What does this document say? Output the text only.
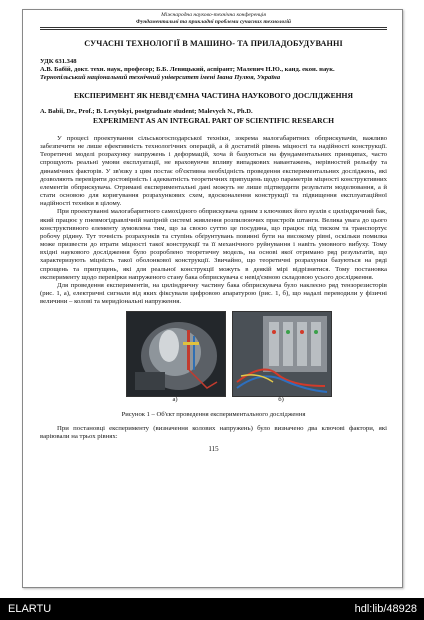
Міжнародна науково-технічна конференція
Фундаментальні та прикладні проблеми сучасних технологій
СУЧАСНІ ТЕХНОЛОГІЇ В МАШИНО- ТА ПРИЛАДОБУДУВАННІ
УДК 631.348
А.В. Бабій, докт. техн. наук, професор; Б.Б. Левицький, аспірант; Малевич Н.Ю., канд. екон. наук.
Тернопільський національний технічний університет імені Івана Пулюя, Україна
ЕКСПЕРИМЕНТ ЯК НЕВІД'ЄМНА ЧАСТИНА НАУКОВОГО ДОСЛІДЖЕННЯ
A. Babii, Dr., Prof.; B. Levytskyi, postgraduate student; Malevych N., Ph.D.
EXPERIMENT AS AN INTEGRAL PART OF SCIENTIFIC RESEARCH

У процесі проектування сільськогосподарської техніки, зокрема малогабаритних обприскувачів, важливо забезпечити не лише ефективність технологічних операцій, а й достатній рівень міцності та надійності конструкції. Теоретичні моделі розрахунку напружень і деформацій, хоча й базуються на фундаментальних принципах, часто спрощують реальні умови експлуатації, не враховуючи впливу випадкових навантажень, нерівностей рельєфу та динамічних факторів. У зв'язку з цим постає об'єктивна необхідність проведення експериментальних досліджень, які дозволяють перевірити достовірність і адекватність теоретичних припущень щодо параметрів міцності конструктивних елементів обприскувача. Отримані експериментальні дані можуть не лише підтвердити результати моделювання, а й стати основою для коригування розрахункових схем, вдосконалення конструкції та підвищення експлуатаційної надійності техніки в цілому.

При проектуванні малогабаритного самохідного обприскувача одним з ключових його вузлів є циліндричний бак, який працює у пневмогідравлічній напірній системі живлення розпилюючих пристроїв штанги. Велика увага до цього конструктивного елементу зумовлена тим, що за своєю суттю це посудина, що працює під тиском та транспортує робочу рідину. Тут точність розрахунків та ступінь обґрунтувань повинні бути на високому рівні, оскільки помилка може призвести до втрати міцності такої конструкції та її механічного руйнування і навіть умовного вибуху. Тому вхідні наукового дослідження було розроблено теоретичну модель, на основі якої отримано ряд результатів, що характеризують міцність такої оболонкової конструкції. Звичайно, що теоретичні розрахунки базуються на ряді спрощень та припущень, які для реальної конструкції можуть в деякій мірі відрізнятися. Тому постановка експерименту щодо перевірки напруженого стану бака обприскувача є невід'ємною складовою усього дослідження.

Для проведення експериментів, на циліндричну частину бака обприскувача було наклеєно ряд тензорезисторів (рис. 1, а), електричні сигнали від яких фіксували цифровою апаратурою (рис. 1, б), що надалі переводили у фізичні величини – колові та меридіональні напруження.

а)	б)
Рисунок 1 – Об'єкт проведення експериментального дослідження

При постановці експерименту (визначення колових напружень) було визначено два ключові фактори, які варіювали на трьох рівнях:

115
ELARTU	hdl:lib/48928
